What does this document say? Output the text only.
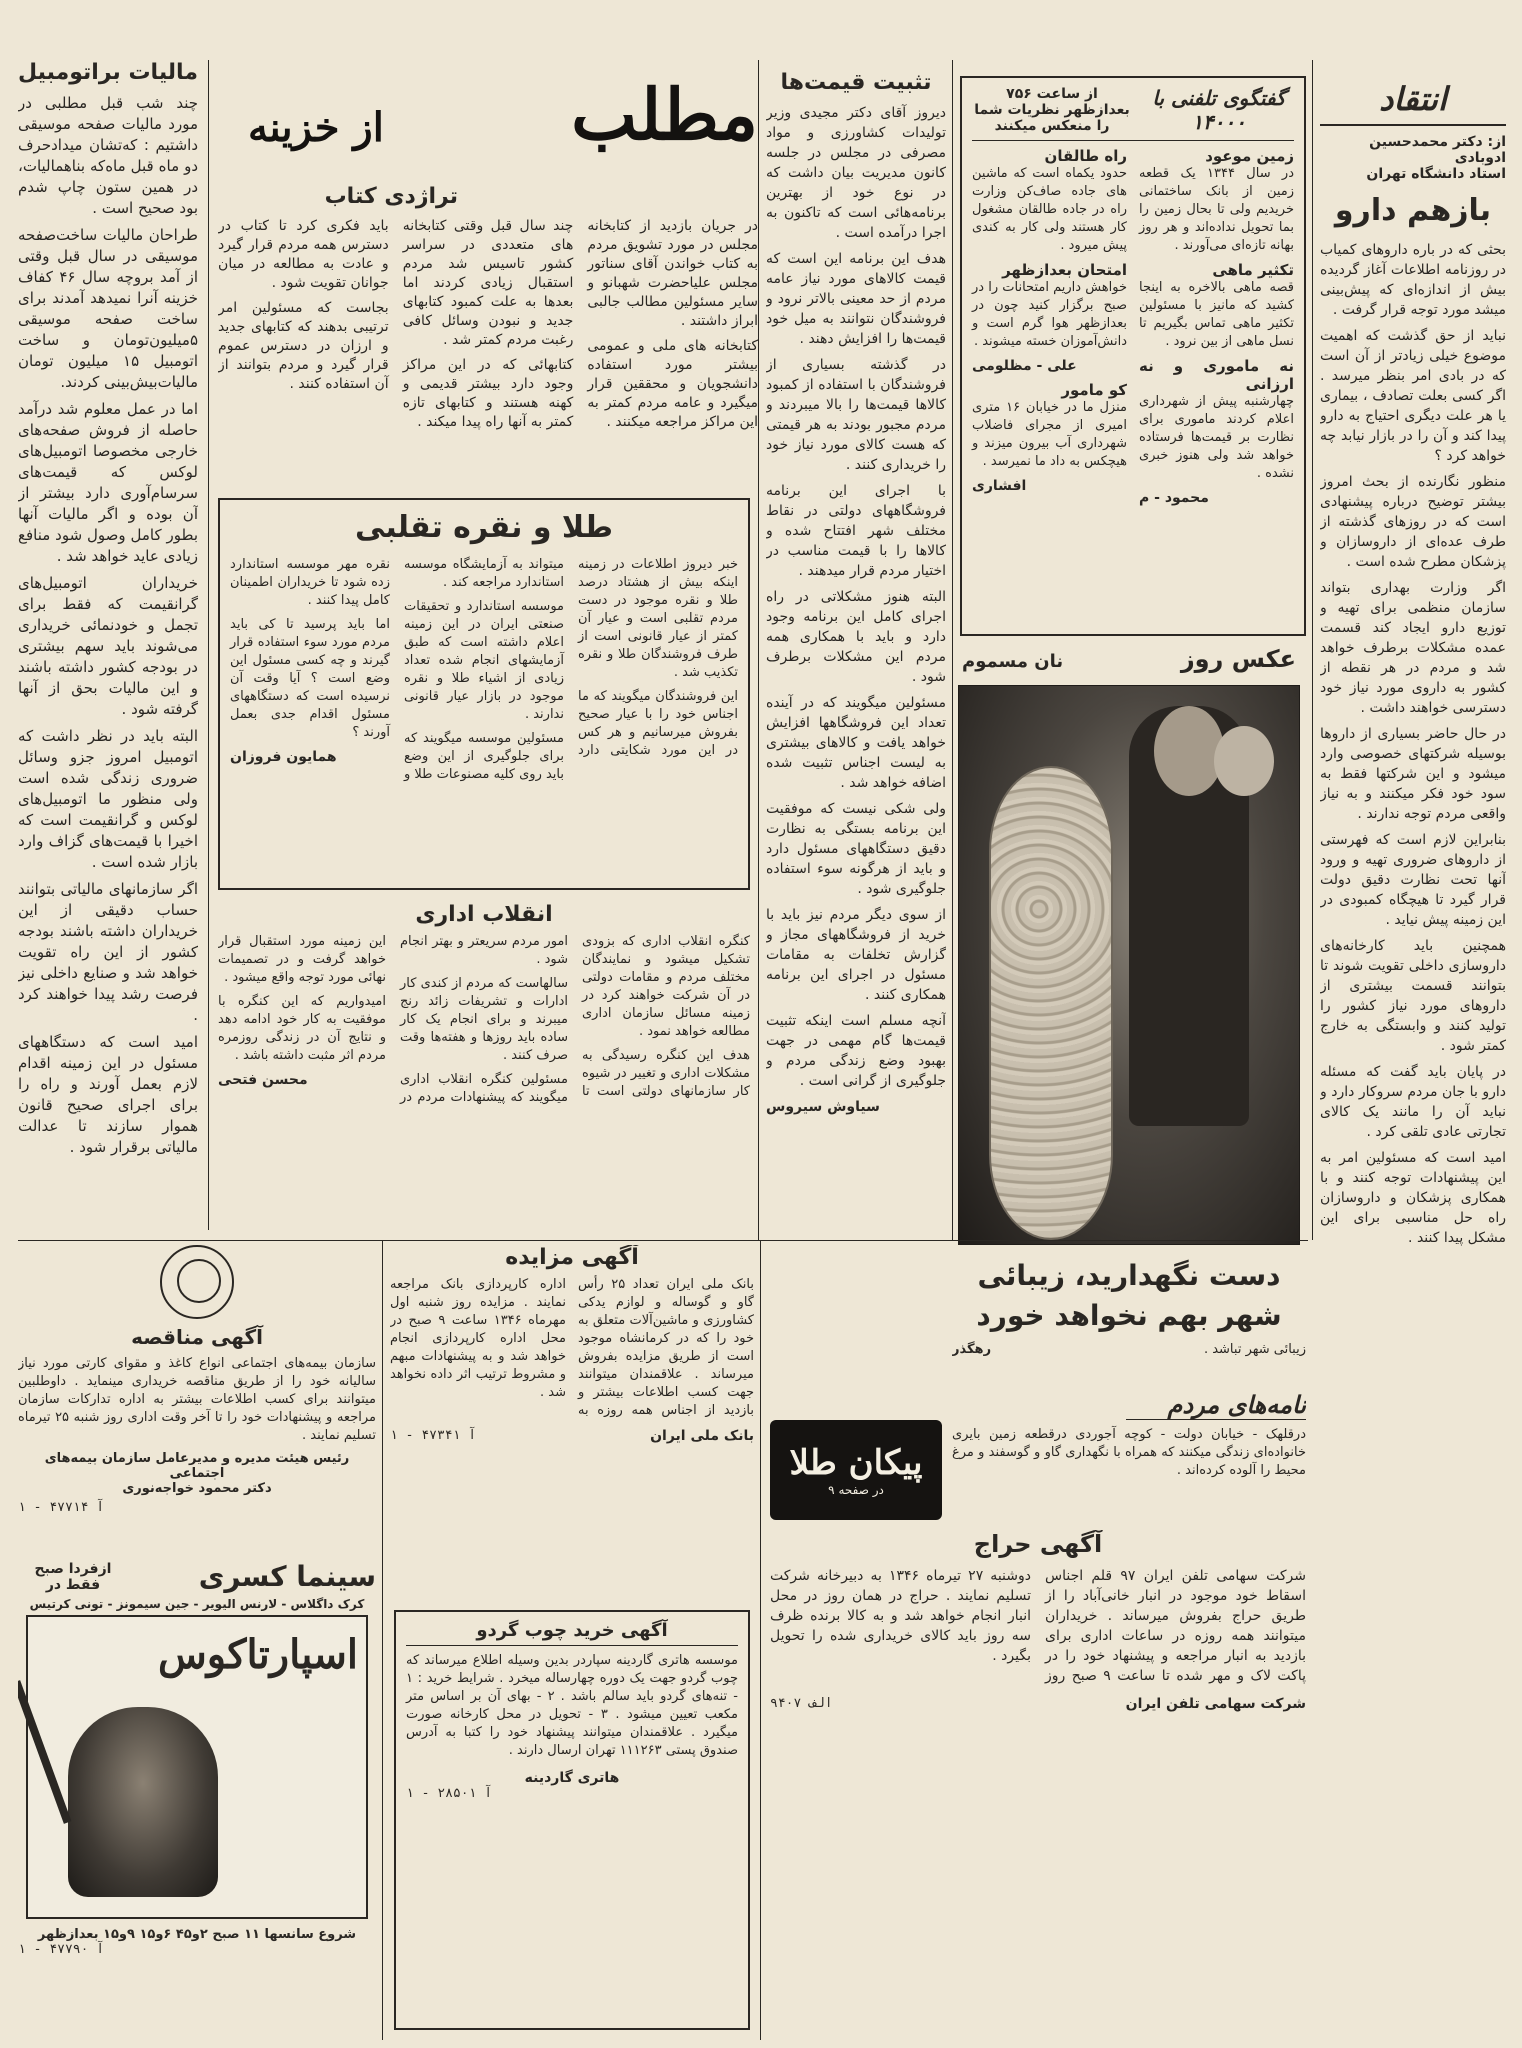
مالیات براتومبیل

چند شب قبل مطلبی در مورد مالیات صفحه موسیقی داشتیم : که‌تشان میداد‌حرف دو ماه قبل ماه‌که بناهمالیات، در همین ستون چاپ شدم بود صحیح است .

طراحان مالیات ساخت‌صفحه موسیقی در سال قبل وقتی از آمد بروچه سال ۴۶ کفاف خزینه آنرا نمیدهد آمدند برای ساخت صفحه موسیقی ۵میلیون‌تومان و ساخت اتومبیل ۱۵ میلیون تومان مالیات‌بیش‌بینی کردند.

اما در عمل معلوم شد درآمد حاصله از فروش صفحه‌های خارجی مخصوصا اتومبیل‌های لوکس که قیمت‌های سرسام‌آوری دارد بیشتر از آن بوده و اگر مالیات آنها بطور کامل وصول شود منافع زیادی عاید خواهد شد .

خریداران اتومبیل‌های گرانقیمت که فقط برای تجمل و خودنمائی خریداری می‌شوند باید سهم بیشتری در بودجه کشور داشته باشند و این مالیات بحق از آنها گرفته شود .

البته باید در نظر داشت که اتومبیل امروز جزو وسائل ضروری زندگی شده است ولی منظور ما اتومبیل‌های لوکس و گرانقیمت است که اخیرا با قیمت‌های گزاف وارد بازار شده است .

اگر سازمانهای مالیاتی بتوانند حساب دقیقی از این خریداران داشته باشند بودجه کشور از این راه تقویت خواهد شد و صنایع داخلی نیز فرصت رشد پیدا خواهند کرد .

امید است که دستگاههای مسئول در این زمینه اقدام لازم بعمل آورند و راه را برای اجرای صحیح قانون هموار سازند تا عدالت مالیاتی برقرار شود .

مطلب
از خزینه
تراژدی کتاب

در جریان بازدید از کتابخانه مجلس در مورد تشویق مردم به کتاب خواندن آقای سناتور مجلس علیاحضرت شهبانو و سایر مسئولین مطالب جالبی ابراز داشتند .

کتابخانه های ملی و عمومی بیشتر مورد استفاده دانشجویان و محققین قرار میگیرد و عامه مردم کمتر به این مراکز مراجعه میکنند .

چند سال قبل وقتی کتابخانه های متعددی در سراسر کشور تاسیس شد مردم استقبال زیادی کردند اما بعدها به علت کمبود کتابهای جدید و نبودن وسائل کافی رغبت مردم کمتر شد .

کتابهائی که در این مراکز وجود دارد بیشتر قدیمی و کهنه هستند و کتابهای تازه کمتر به آنها راه پیدا میکند .

باید فکری کرد تا کتاب در دسترس همه مردم قرار گیرد و عادت به مطالعه در میان جوانان تقویت شود .

بجاست که مسئولین امر ترتیبی بدهند که کتابهای جدید و ارزان در دسترس عموم قرار گیرد و مردم بتوانند از آن استفاده کنند .

طلا و نقره تقلبی

خبر دیروز اطلاعات در زمینه اینکه بیش از هشتاد درصد طلا و نقره موجود در دست مردم تقلبی است و عیار آن کمتر از عیار قانونی است از طرف فروشندگان طلا و نقره تکذیب شد .

این فروشندگان میگویند که ما اجناس خود را با عیار صحیح بفروش میرسانیم و هر کس در این مورد شکایتی دارد میتواند به آزمایشگاه موسسه استاندارد مراجعه کند .

موسسه استاندارد و تحقیقات صنعتی ایران در این زمینه اعلام داشته است که طبق آزمایشهای انجام شده تعداد زیادی از اشیاء طلا و نقره موجود در بازار عیار قانونی ندارند .

مسئولین موسسه میگویند که برای جلوگیری از این وضع باید روی کلیه مصنوعات طلا و نقره مهر موسسه استاندارد زده شود تا خریداران اطمینان کامل پیدا کنند .

اما باید پرسید تا کی باید مردم مورد سوء استفاده قرار گیرند و چه کسی مسئول این وضع است ؟ آیا وقت آن نرسیده است که دستگاههای مسئول اقدام جدی بعمل آورند ؟

همایون فروزان
انقلاب اداری

کنگره انقلاب اداری که بزودی تشکیل میشود و نمایندگان مختلف مردم و مقامات دولتی در آن شرکت خواهند کرد در زمینه مسائل سازمان اداری مطالعه خواهد نمود .

هدف این کنگره رسیدگی به مشکلات اداری و تغییر در شیوه کار سازمانهای دولتی است تا امور مردم سریعتر و بهتر انجام شود .

سالهاست که مردم از کندی کار ادارات و تشریفات زائد رنج میبرند و برای انجام یک کار ساده باید روزها و هفته‌ها وقت صرف کنند .

مسئولین کنگره انقلاب اداری میگویند که پیشنهادات مردم در این زمینه مورد استقبال قرار خواهد گرفت و در تصمیمات نهائی مورد توجه واقع میشود .

امیدواریم که این کنگره با موفقیت به کار خود ادامه دهد و نتایج آن در زندگی روزمره مردم اثر مثبت داشته باشد .

محسن فتحی
تثبیت قیمت‌ها

دیروز آقای دکتر مجیدی وزیر تولیدات کشاورزی و مواد مصرفی در مجلس در جلسه کانون مدیریت بیان داشت که در نوع خود از بهترین برنامه‌هائی است که تاکنون به اجرا درآمده است .

هدف این برنامه این است که قیمت کالاهای مورد نیاز عامه مردم از حد معینی بالاتر نرود و فروشندگان نتوانند به میل خود قیمت‌ها را افزایش دهند .

در گذشته بسیاری از فروشندگان با استفاده از کمبود کالاها قیمت‌ها را بالا میبردند و مردم مجبور بودند به هر قیمتی که هست کالای مورد نیاز خود را خریداری کنند .

با اجرای این برنامه فروشگاههای دولتی در نقاط مختلف شهر افتتاح شده و کالاها را با قیمت مناسب در اختیار مردم قرار میدهند .

البته هنوز مشکلاتی در راه اجرای کامل این برنامه وجود دارد و باید با همکاری همه مردم این مشکلات برطرف شود .

مسئولین میگویند که در آینده تعداد این فروشگاهها افزایش خواهد یافت و کالاهای بیشتری به لیست اجناس تثبیت شده اضافه خواهد شد .

ولی شکی نیست که موفقیت این برنامه بستگی به نظارت دقیق دستگاههای مسئول دارد و باید از هرگونه سوء استفاده جلوگیری شود .

از سوی دیگر مردم نیز باید با خرید از فروشگاههای مجاز و گزارش تخلفات به مقامات مسئول در اجرای این برنامه همکاری کنند .

آنچه مسلم است اینکه تثبیت قیمت‌ها گام مهمی در جهت بهبود وضع زندگی مردم و جلوگیری از گرانی است .

سیاوش سیروس
گفتگوی تلفنی با ۱۴۰۰۰
از ساعت ۷۵۶ بعدازظهر نظریات شما را منعکس میکنند
زمین موعود
در سال ۱۳۴۴ یک قطعه زمین از بانک ساختمانی خریدیم ولی تا بحال زمین را بما تحویل نداده‌اند و هر روز بهانه تازه‌ای می‌آورند .
تکثیر ماهی
قصه ماهی بالاخره به اینجا کشید که مانیز با مسئولین تکثیر ماهی تماس بگیریم تا نسل ماهی از بین نرود .
نه ماموری و نه ارزانی
چهارشنبه پیش از شهرداری اعلام کردند ماموری برای نظارت بر قیمت‌ها فرستاده خواهد شد ولی هنوز خبری نشده .
محمود - م
راه طالقان
حدود یکماه است که ماشین های جاده صاف‌کن وزارت راه در جاده طالقان مشغول کار هستند ولی کار به کندی پیش میرود .
امتحان بعدازظهر
خواهش داریم امتحانات را در صبح برگزار کنید چون در بعدازظهر هوا گرم است و دانش‌آموزان خسته میشوند .
علی - مظلومی
کو مامور
منزل ما در خیابان ۱۶ متری امیری از مجرای فاضلاب شهرداری آب بیرون میزند و هیچکس به داد ما نمیرسد .
افشاری
عکس روز
نان مسموم
انتقاد
از: دکتر محمدحسین ادوبادی
استاد دانشگاه تهران
بازهم دارو

بحثی که در باره داروهای کمیاب در روزنامه اطلاعات آغاز گردیده بیش از اندازه‌ای که پیش‌بینی میشد مورد توجه قرار گرفت .

نباید از حق گذشت که اهمیت موضوع خیلی زیادتر از آن است که در بادی امر بنظر میرسد . اگر کسی بعلت تصادف ، بیماری یا هر علت دیگری احتیاج به دارو پیدا کند و آن را در بازار نیابد چه خواهد کرد ؟

منظور نگارنده از بحث امروز بیشتر توضیح درباره پیشنهادی است که در روزهای گذشته از طرف عده‌ای از داروسازان و پزشکان مطرح شده است .

اگر وزارت بهداری بتواند سازمان منظمی برای تهیه و توزیع دارو ایجاد کند قسمت عمده مشکلات برطرف خواهد شد و مردم در هر نقطه از کشور به داروی مورد نیاز خود دسترسی خواهند داشت .

در حال حاضر بسیاری از داروها بوسیله شرکتهای خصوصی وارد میشود و این شرکتها فقط به سود خود فکر میکنند و به نیاز واقعی مردم توجه ندارند .

بنابراین لازم است که فهرستی از داروهای ضروری تهیه و ورود آنها تحت نظارت دقیق دولت قرار گیرد تا هیچگاه کمبودی در این زمینه پیش نیاید .

همچنین باید کارخانه‌های داروسازی داخلی تقویت شوند تا بتوانند قسمت بیشتری از داروهای مورد نیاز کشور را تولید کنند و وابستگی به خارج کمتر شود .

در پایان باید گفت که مسئله دارو با جان مردم سروکار دارد و نباید آن را مانند یک کالای تجارتی عادی تلقی کرد .

امید است که مسئولین امر به این پیشنهادات توجه کنند و با همکاری پزشکان و داروسازان راه حل مناسبی برای این مشکل پیدا کنند .

دست نگهدارید، زیبائی شهر بهم نخواهد خورد
زیبائی شهر تباشد .
رهگذر
نامه‌های مردم
درقلهک - خیابان دولت - کوچه آجوردی درقطعه زمین بایری خانواده‌ای زندگی میکنند که همراه با نگهداری گاو و گوسفند و مرغ محیط را آلوده کرده‌اند .
پیکان طلا
در صفحه ۹
آگهی حراج
شرکت سهامی تلفن ایران ۹۷ قلم اجناس اسقاط خود موجود در انبار خانی‌آباد را از طریق حراج بفروش میرساند . خریداران میتوانند همه روزه در ساعات اداری برای بازدید به انبار مراجعه و پیشنهاد خود را در پاکت لاک و مهر شده تا ساعت ۹ صبح روز دوشنبه ۲۷ تیرماه ۱۳۴۶ به دبیرخانه شرکت تسلیم نمایند . حراج در همان روز در محل انبار انجام خواهد شد و به کالا برنده ظرف سه روز باید کالای خریداری شده را تحویل بگیرد .
شرکت سهامی تلفن ایران
الف ۹۴۰۷
آگهی مزایده
بانک ملی ایران تعداد ۲۵ رأس گاو و گوساله و لوازم یدکی کشاورزی و ماشین‌آلات متعلق به خود را که در کرمانشاه موجود است از طریق مزایده بفروش میرساند . علاقمندان میتوانند جهت کسب اطلاعات بیشتر و بازدید از اجناس همه روزه به اداره کارپردازی بانک مراجعه نمایند . مزایده روز شنبه اول مهرماه ۱۳۴۶ ساعت ۹ صبح در محل اداره کارپردازی انجام خواهد شد و به پیشنهادات مبهم و مشروط ترتیب اثر داده نخواهد شد .
بانک ملی ایران
آ ۴۷۳۴۱ - ۱
آگهی مناقصه
سازمان بیمه‌های اجتماعی انواع کاغذ و مقوای کارتی مورد نیاز سالیانه خود را از طریق مناقصه خریداری مینماید . داوطلبین میتوانند برای کسب اطلاعات بیشتر به اداره تدارکات سازمان مراجعه و پیشنهادات خود را تا آخر وقت اداری روز شنبه ۲۵ تیرماه تسلیم نمایند .
رئیس هیئت مدیره و مدیرعامل سازمان بیمه‌های اجتماعی
دکتر محمود خواجه‌نوری
آ ۴۷۷۱۴ - ۱
آگهی خرید چوب گردو
موسسه هاتری گاردینه سپاردر بدین وسیله اطلاع میرساند که چوب گردو جهت یک دوره چهارساله میخرد . شرایط خرید : ۱ - تنه‌های گردو باید سالم باشد . ۲ - بهای آن بر اساس متر مکعب تعیین میشود . ۳ - تحویل در محل کارخانه صورت میگیرد . علاقمندان میتوانند پیشنهاد خود را کتبا به آدرس صندوق پستی ۱۱۱۲۶۳ تهران ارسال دارند .
هاتری گاردینه
آ ۲۸۵۰۱ - ۱
سینما کسری
ازفردا صبح فقط در
کرک داگلاس - لارنس الیویر - جین سیمونز - تونی کرتیس
اسپارتاکوس
شروع سانسها ۱۱ صبح ۲و۴۵ ۶و۱۵ ۹و۱۵ بعدازظهر
آ ۴۷۷۹۰ - ۱
